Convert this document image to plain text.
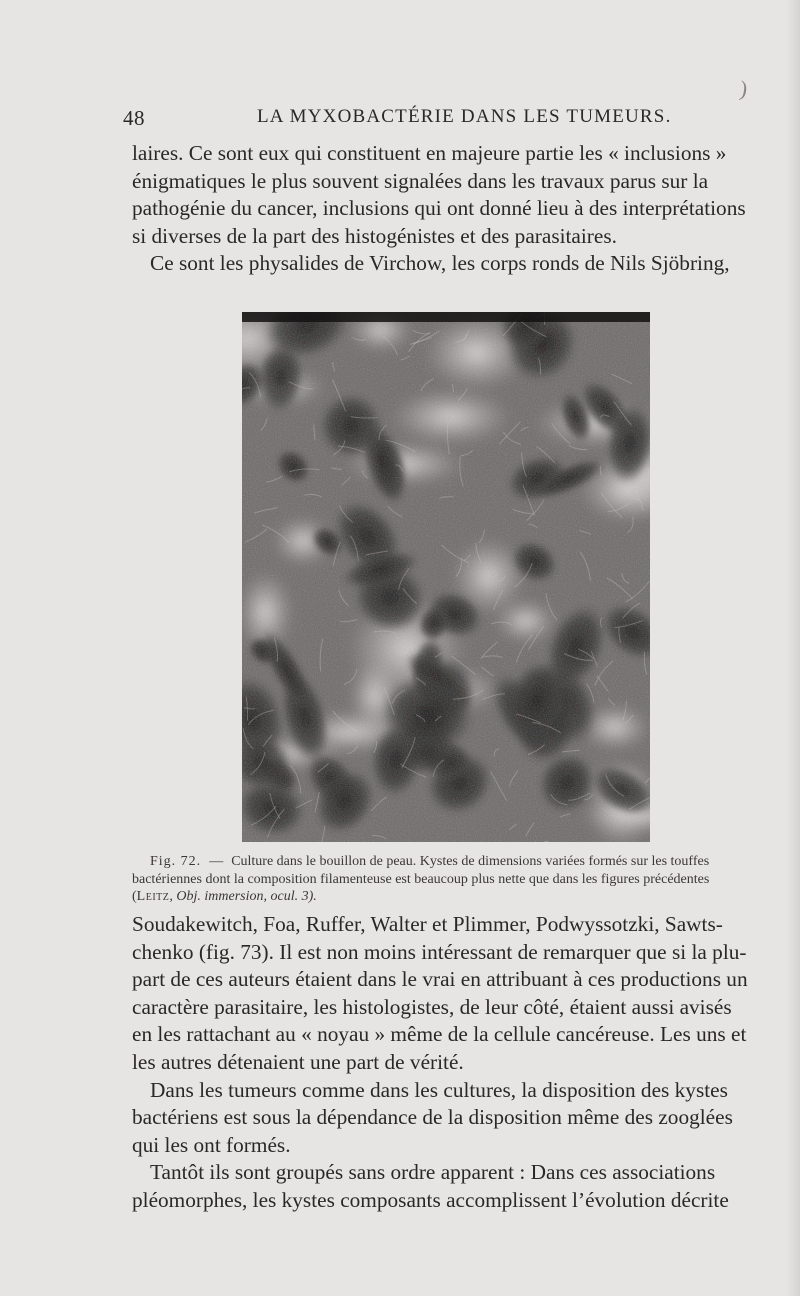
)
48	LA MYXOBACTÉRIE DANS LES TUMEURS.
laires. Ce sont eux qui constituent en majeure partie les « inclusions »
énigmatiques le plus souvent signalées dans les travaux parus sur la
pathogénie du cancer, inclusions qui ont donné lieu à des interprétations
si diverses de la part des histogénistes et des parasitaires.
Ce sont les physalides de Virchow, les corps ronds de Nils Sjöbring,
Fig. 72. — Culture dans le bouillon de peau. Kystes de dimensions variées formés sur les touffes
bactériennes dont la composition filamenteuse est beaucoup plus nette que dans les figures précédentes
(Leitz, Obj. immersion, ocul. 3).
Soudakewitch, Foa, Ruffer, Walter et Plimmer, Podwyssotzki, Sawts-
chenko (fig. 73). Il est non moins intéressant de remarquer que si la plu-
part de ces auteurs étaient dans le vrai en attribuant à ces productions un
caractère parasitaire, les histologistes, de leur côté, étaient aussi avisés
en les rattachant au « noyau » même de la cellule cancéreuse. Les uns et
les autres détenaient une part de vérité.
Dans les tumeurs comme dans les cultures, la disposition des kystes
bactériens est sous la dépendance de la disposition même des zooglées
qui les ont formés.
Tantôt ils sont groupés sans ordre apparent : Dans ces associations
pléomorphes, les kystes composants accomplissent l’évolution décrite
